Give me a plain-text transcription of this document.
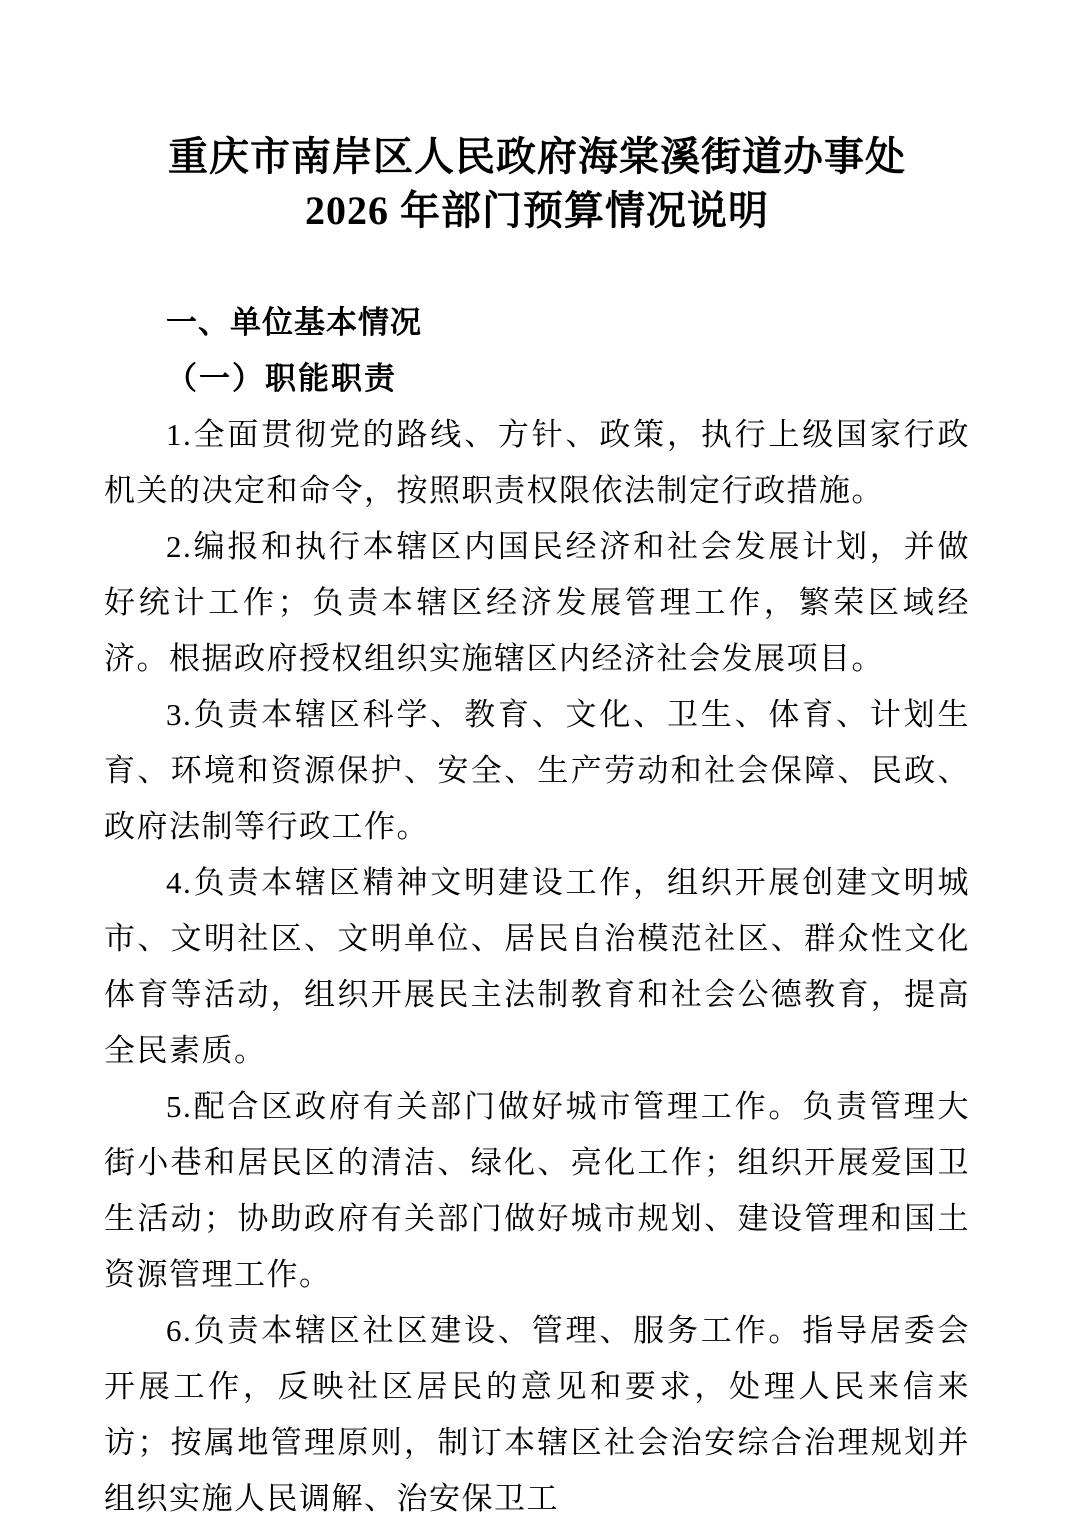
重庆市南岸区人民政府海棠溪街道办事处
2026 年部门预算情况说明
一、单位基本情况
（一）职能职责

1.全面贯彻党的路线、方针、政策，执行上级国家行政机关的决定和命令，按照职责权限依法制定行政措施。

2.编报和执行本辖区内国民经济和社会发展计划，并做好统计工作；负责本辖区经济发展管理工作，繁荣区域经济。根据政府授权组织实施辖区内经济社会发展项目。

3.负责本辖区科学、教育、文化、卫生、体育、计划生育、环境和资源保护、安全、生产劳动和社会保障、民政、政府法制等行政工作。

4.负责本辖区精神文明建设工作，组织开展创建文明城市、文明社区、文明单位、居民自治模范社区、群众性文化体育等活动，组织开展民主法制教育和社会公德教育，提高全民素质。

5.配合区政府有关部门做好城市管理工作。负责管理大街小巷和居民区的清洁、绿化、亮化工作；组织开展爱国卫生活动；协助政府有关部门做好城市规划、建设管理和国土资源管理工作。

6.负责本辖区社区建设、管理、服务工作。指导居委会开展工作，反映社区居民的意见和要求，处理人民来信来访；按属地管理原则，制订本辖区社会治安综合治理规划并组织实施人民调解、治安保卫工
